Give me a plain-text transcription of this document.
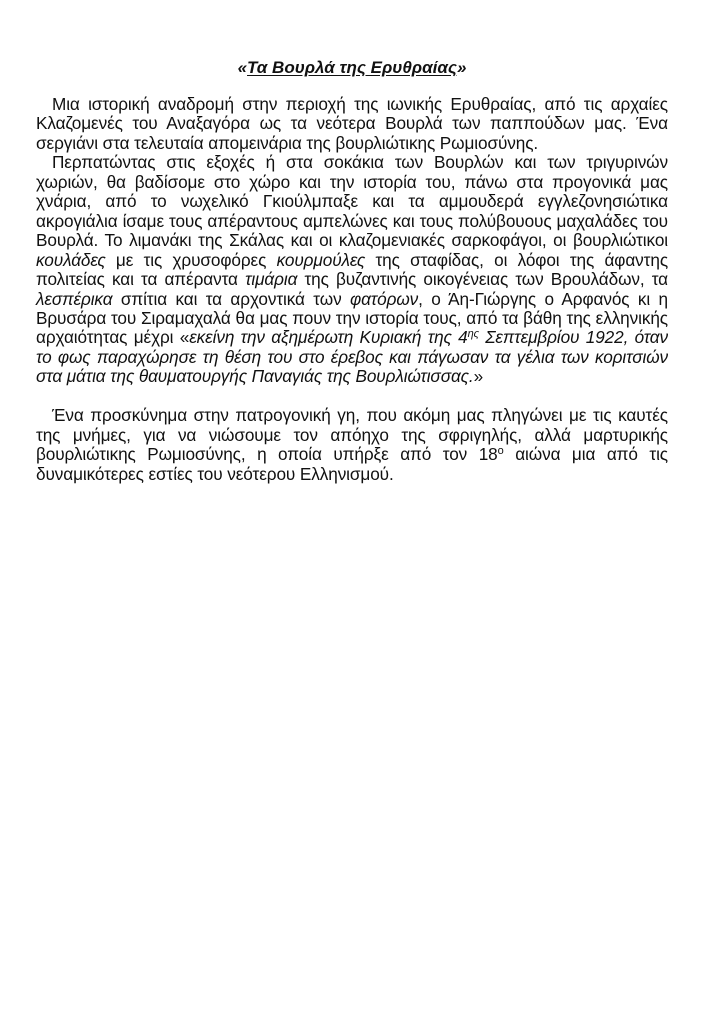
«Τα Βουρλά της Ερυθραίας»

Μια ιστορική αναδρομή στην περιοχή της ιωνικής Ερυθραίας, από τις αρχαίες Κλαζομενές του Αναξαγόρα ως τα νεότερα Βουρλά των παππούδων μας. Ένα σεργιάνι στα τελευταία απομεινάρια της βουρλιώτικης Ρωμιοσύνης.

Περπατώντας στις εξοχές ή στα σοκάκια των Βουρλών και των τριγυρινών χωριών, θα βαδίσομε στο χώρο και την ιστορία του, πάνω στα προγονικά μας χνάρια, από το νωχελικό Γκιούλμπαξε και τα αμμουδερά εγγλεζονησιώτικα ακρογιάλια ίσαμε τους απέραντους αμπελώνες και τους πολύβουους μαχαλάδες του Βουρλά. Το λιμανάκι της Σκάλας και οι κλαζομενιακές σαρκοφάγοι, οι βουρλιώτικοι κουλάδες με τις χρυσοφόρες κουρμούλες της σταφίδας, οι λόφοι της άφαντης πολιτείας και τα απέραντα τιμάρια της βυζαντινής οικογένειας των Βρουλάδων, τα λεσπέρικα σπίτια και τα αρχοντικά των φατόρων, ο Άη-Γιώργης ο Αρφανός κι η Βρυσάρα του Σιραμαχαλά θα μας πουν την ιστορία τους, από τα βάθη της ελληνικής αρχαιότητας μέχρι «εκείνη την αξημέρωτη Κυριακή της $4^{\eta\varsigma}$ Σεπτεμβρίου 1922, όταν το φως παραχώρησε τη θέση του στο έρεβος και πάγωσαν τα γέλια των κοριτσιών στα μάτια της θαυματουργής Παναγιάς της Βουρλιώτισσας.»

Ένα προσκύνημα στην πατρογονική γη, που ακόμη μας πληγώνει με τις καυτές της μνήμες, για να νιώσουμε τον απόηχο της σφριγηλής, αλλά μαρτυρικής βουρλιώτικης Ρωμιοσύνης, η οποία υπήρξε από τον $18^o$ αιώνα μια από τις δυναμικότερες εστίες του νεότερου Ελληνισμού.
